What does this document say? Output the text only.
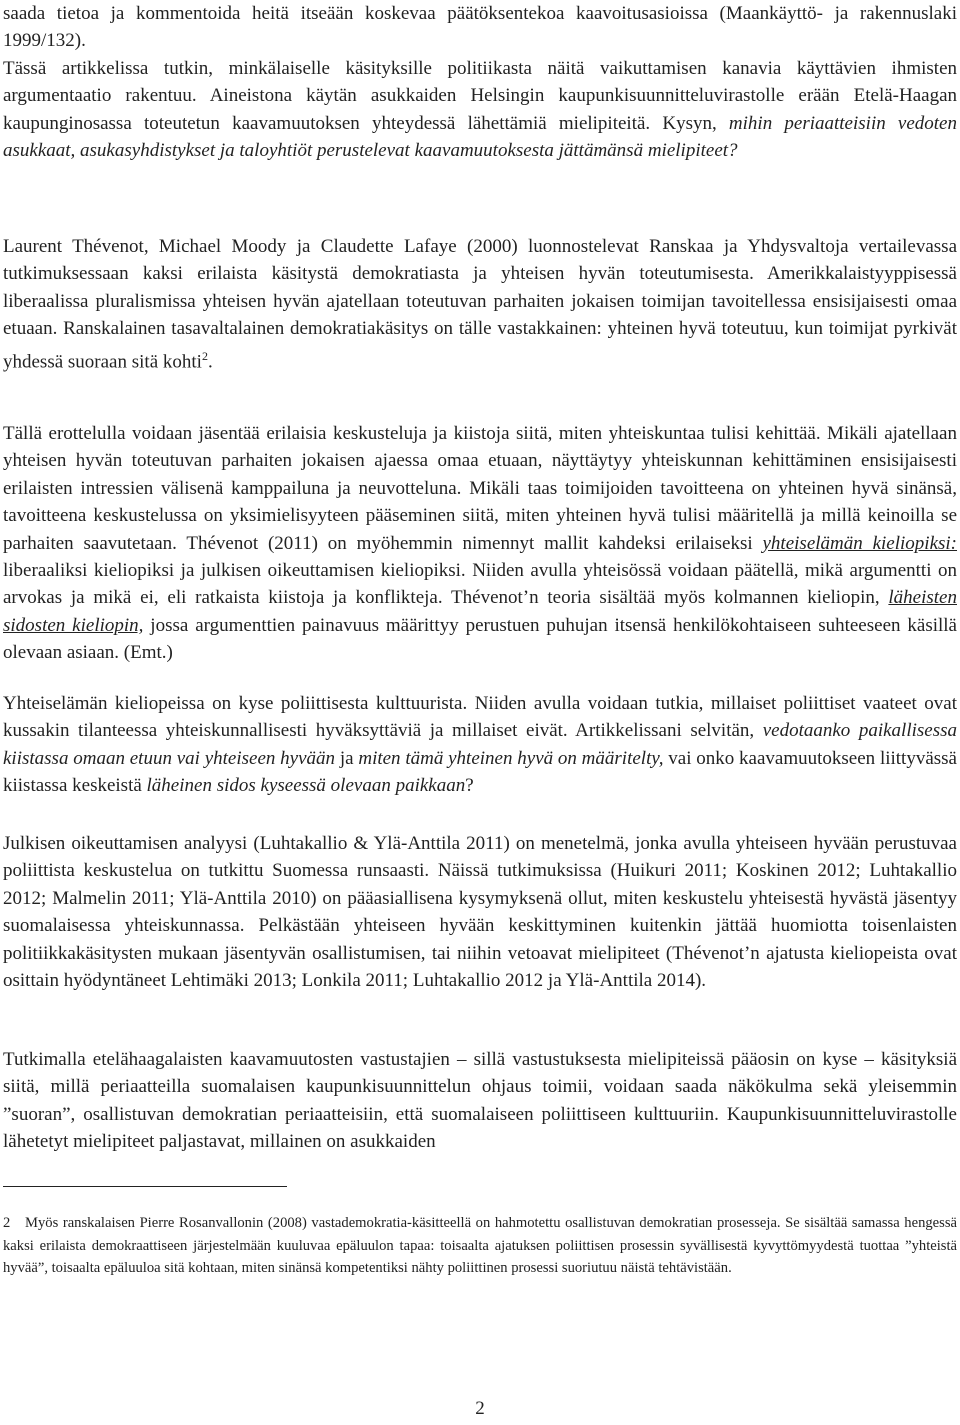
saada tietoa ja kommentoida heitä itseään koskevaa päätöksentekoa kaavoitusasioissa (Maankäyttö- ja rakennuslaki 1999/132).

Tässä artikkelissa tutkin, minkälaiselle käsityksille politiikasta näitä vaikuttamisen kanavia käyttävien ihmisten argumentaatio rakentuu. Aineistona käytän asukkaiden Helsingin kaupunkisuunnitteluvirastolle erään Etelä-Haagan kaupunginosassa toteutetun kaavamuutoksen yhteydessä lähettämiä mielipiteitä. Kysyn, mihin periaatteisiin vedoten asukkaat, asukasyhdistykset ja taloyhtiöt perustelevat kaavamuutoksesta jättämänsä mielipiteet?

Laurent Thévenot, Michael Moody ja Claudette Lafaye (2000) luonnostelevat Ranskaa ja Yhdysvaltoja vertailevassa tutkimuksessaan kaksi erilaista käsitystä demokratiasta ja yhteisen hyvän toteutumisesta. Amerikkalaistyyppisessä liberaalissa pluralismissa yhteisen hyvän ajatellaan toteutuvan parhaiten jokaisen toimijan tavoitellessa ensisijaisesti omaa etuaan. Ranskalainen tasavaltalainen demokratiakäsitys on tälle vastakkainen: yhteinen hyvä toteutuu, kun toimijat pyrkivät yhdessä suoraan sitä kohti$^2$.

Tällä erottelulla voidaan jäsentää erilaisia keskusteluja ja kiistoja siitä, miten yhteiskuntaa tulisi kehittää. Mikäli ajatellaan yhteisen hyvän toteutuvan parhaiten jokaisen ajaessa omaa etuaan, näyttäytyy yhteiskunnan kehittäminen ensisijaisesti erilaisten intressien välisenä kamppailuna ja neuvotteluna. Mikäli taas toimijoiden tavoitteena on yhteinen hyvä sinänsä, tavoitteena keskustelussa on yksimielisyyteen pääseminen siitä, miten yhteinen hyvä tulisi määritellä ja millä keinoilla se parhaiten saavutetaan. Thévenot (2011) on myöhemmin nimennyt mallit kahdeksi erilaiseksi yhteiselämän kieliopiksi: liberaaliksi kieliopiksi ja julkisen oikeuttamisen kieliopiksi. Niiden avulla yhteisössä voidaan päätellä, mikä argumentti on arvokas ja mikä ei, eli ratkaista kiistoja ja konflikteja. Thévenot’n teoria sisältää myös kolmannen kieliopin, läheisten sidosten kieliopin, jossa argumenttien painavuus määrittyy perustuen puhujan itsensä henkilökohtaiseen suhteeseen käsillä olevaan asiaan. (Emt.)

Yhteiselämän kieliopeissa on kyse poliittisesta kulttuurista. Niiden avulla voidaan tutkia, millaiset poliittiset vaateet ovat kussakin tilanteessa yhteiskunnallisesti hyväksyttäviä ja millaiset eivät. Artikkelissani selvitän, vedotaanko paikallisessa kiistassa omaan etuun vai yhteiseen hyvään ja miten tämä yhteinen hyvä on määritelty, vai onko kaavamuutokseen liittyvässä kiistassa keskeistä läheinen sidos kyseessä olevaan paikkaan?

Julkisen oikeuttamisen analyysi (Luhtakallio & Ylä-Anttila 2011) on menetelmä, jonka avulla yhteiseen hyvään perustuvaa poliittista keskustelua on tutkittu Suomessa runsaasti. Näissä tutkimuksissa (Huikuri 2011; Koskinen 2012; Luhtakallio 2012; Malmelin 2011; Ylä-Anttila 2010) on pääasiallisena kysymyksenä ollut, miten keskustelu yhteisestä hyvästä jäsentyy suomalaisessa yhteiskunnassa. Pelkästään yhteiseen hyvään keskittyminen kuitenkin jättää huomiotta toisenlaisten politiikkakäsitysten mukaan jäsentyvän osallistumisen, tai niihin vetoavat mielipiteet (Thévenot’n ajatusta kieliopeista ovat osittain hyödyntäneet Lehtimäki 2013; Lonkila 2011; Luhtakallio 2012 ja Ylä-Anttila 2014).

Tutkimalla etelähaagalaisten kaavamuutosten vastustajien – sillä vastustuksesta mielipiteissä pääosin on kyse – käsityksiä siitä, millä periaatteilla suomalaisen kaupunkisuunnittelun ohjaus toimii, voidaan saada näkökulma sekä yleisemmin ”suoran”, osallistuvan demokratian periaatteisiin, että suomalaiseen poliittiseen kulttuuriin. Kaupunkisuunnitteluvirastolle lähetetyt mielipiteet paljastavat, millainen on asukkaiden

2 Myös ranskalaisen Pierre Rosanvallonin (2008) vastademokratia-käsitteellä on hahmotettu osallistuvan demokratian prosesseja. Se sisältää samassa hengessä kaksi erilaista demokraattiseen järjestelmään kuuluvaa epäluulon tapaa: toisaalta ajatuksen poliittisen prosessin syvällisestä kyvyttömyydestä tuottaa ”yhteistä hyvää”, toisaalta epäluuloa sitä kohtaan, miten sinänsä kompetentiksi nähty poliittinen prosessi suoriutuu näistä tehtävistään.

2
